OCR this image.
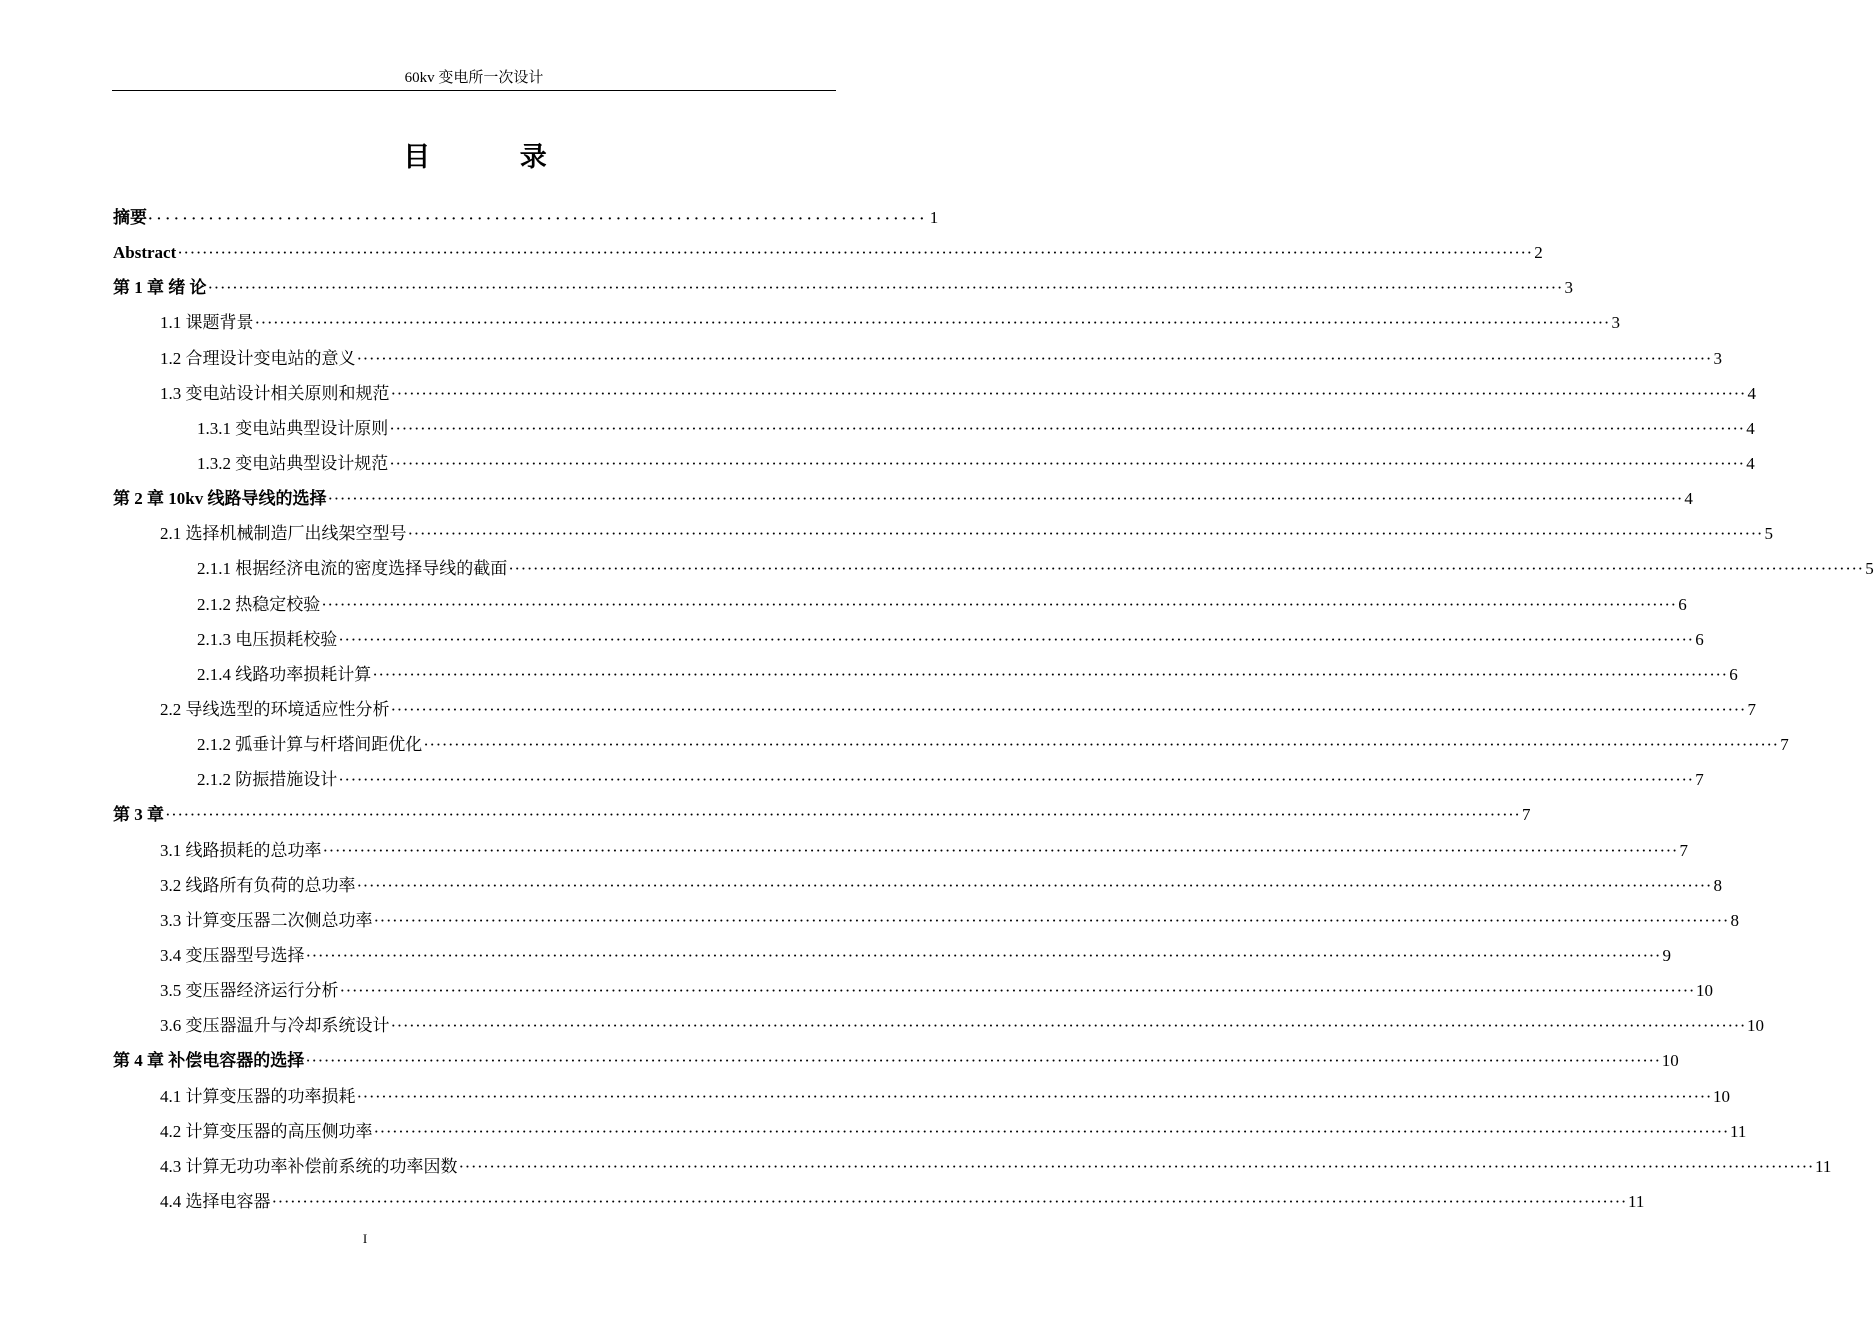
60kv 变电所一次设计
目 录
摘要 ·························································································· 1
Abstract ···························································································································································································································· 2
第 1 章 绪 论 ···························································································································································································································· 3
1.1 课题背景 ···························································································································································································································· 3
1.2 合理设计变电站的意义 ···························································································································································································································· 3
1.3 变电站设计相关原则和规范 ···························································································································································································································· 4
1.3.1 变电站典型设计原则 ···························································································································································································································· 4
1.3.2 变电站典型设计规范 ···························································································································································································································· 4
第 2 章 10kv 线路导线的选择 ···························································································································································································································· 4
2.1 选择机械制造厂出线架空型号 ···························································································································································································································· 5
2.1.1 根据经济电流的密度选择导线的截面 ···························································································································································································································· 5
2.1.2 热稳定校验 ···························································································································································································································· 6
2.1.3 电压损耗校验 ···························································································································································································································· 6
2.1.4 线路功率损耗计算 ···························································································································································································································· 6
2.2 导线选型的环境适应性分析 ···························································································································································································································· 7
2.1.2 弧垂计算与杆塔间距优化 ···························································································································································································································· 7
2.1.2 防振措施设计 ···························································································································································································································· 7
第 3 章 ···························································································································································································································· 7
3.1 线路损耗的总功率 ···························································································································································································································· 7
3.2 线路所有负荷的总功率 ···························································································································································································································· 8
3.3 计算变压器二次侧总功率 ···························································································································································································································· 8
3.4 变压器型号选择 ···························································································································································································································· 9
3.5 变压器经济运行分析 ···························································································································································································································· 10
3.6 变压器温升与冷却系统设计 ···························································································································································································································· 10
第 4 章 补偿电容器的选择 ···························································································································································································································· 10
4.1 计算变压器的功率损耗 ···························································································································································································································· 10
4.2 计算变压器的高压侧功率 ···························································································································································································································· 11
4.3 计算无功功率补偿前系统的功率因数 ···························································································································································································································· 11
4.4 选择电容器 ···························································································································································································································· 11
I
